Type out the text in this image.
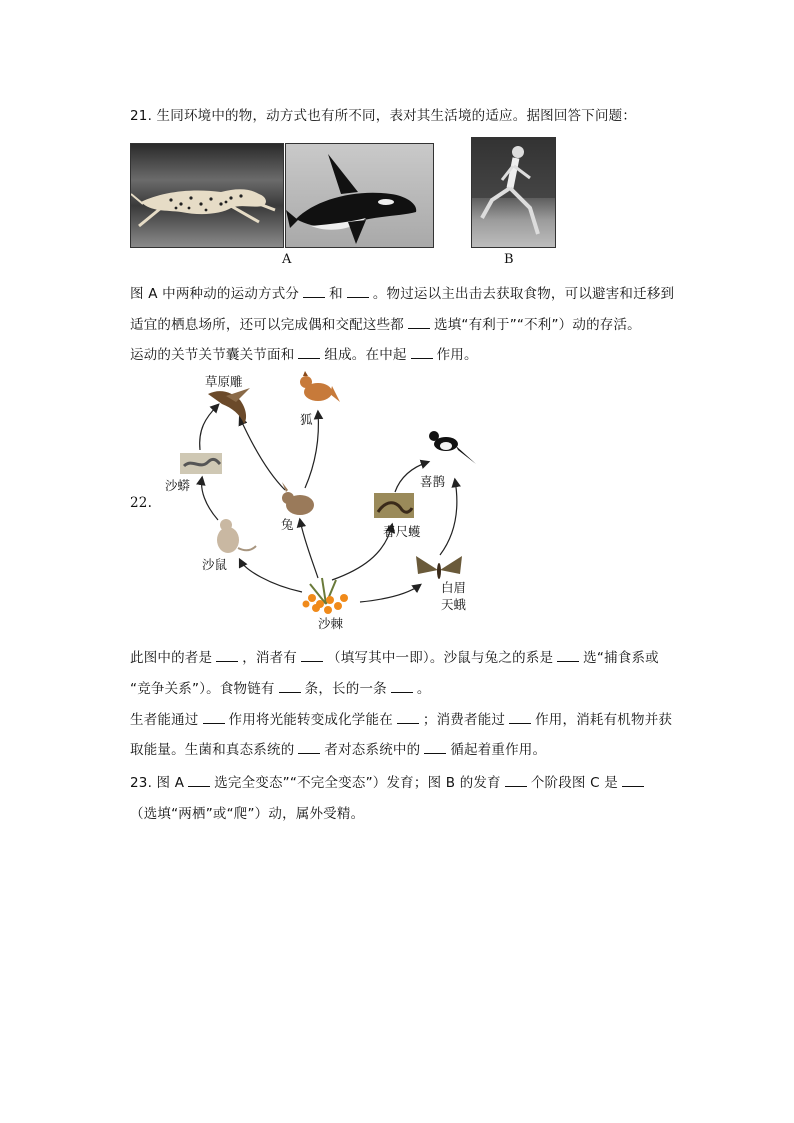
21. 生同环境中的物，动方式也有所不同，表对其生活境的适应。据图回答下问题：
A	B
图 A 中两种动的运动方式分 和 。物过运以主出击去获取食物，可以避害和迁移到
适宜的栖息场所，还可以完成偶和交配这些都 选填“有利于”“不利”）动的存活。
运动的关节关节囊关节面和 组成。在中起 作用。
22.
草原雕
狐
沙蟒
兔
喜鹊
春尺蠖
沙鼠
沙棘
白眉
天蛾
此图中的者是 ，消者有 （填写其中一即）。沙鼠与兔之的系是 选“捕食系或
“竞争关系”）。食物链有 条，长的一条 。
生者能通过 作用将光能转变成化学能在 ；消费者能过 作用，消耗有机物并获
取能量。生菌和真态系统的 者对态系统中的 循起着重作用。
23. 图 A 选完全变态”“不完全变态”）发育；图 B 的发育 个阶段图 C 是
（选填“两栖”或“爬”）动，属外受精。
